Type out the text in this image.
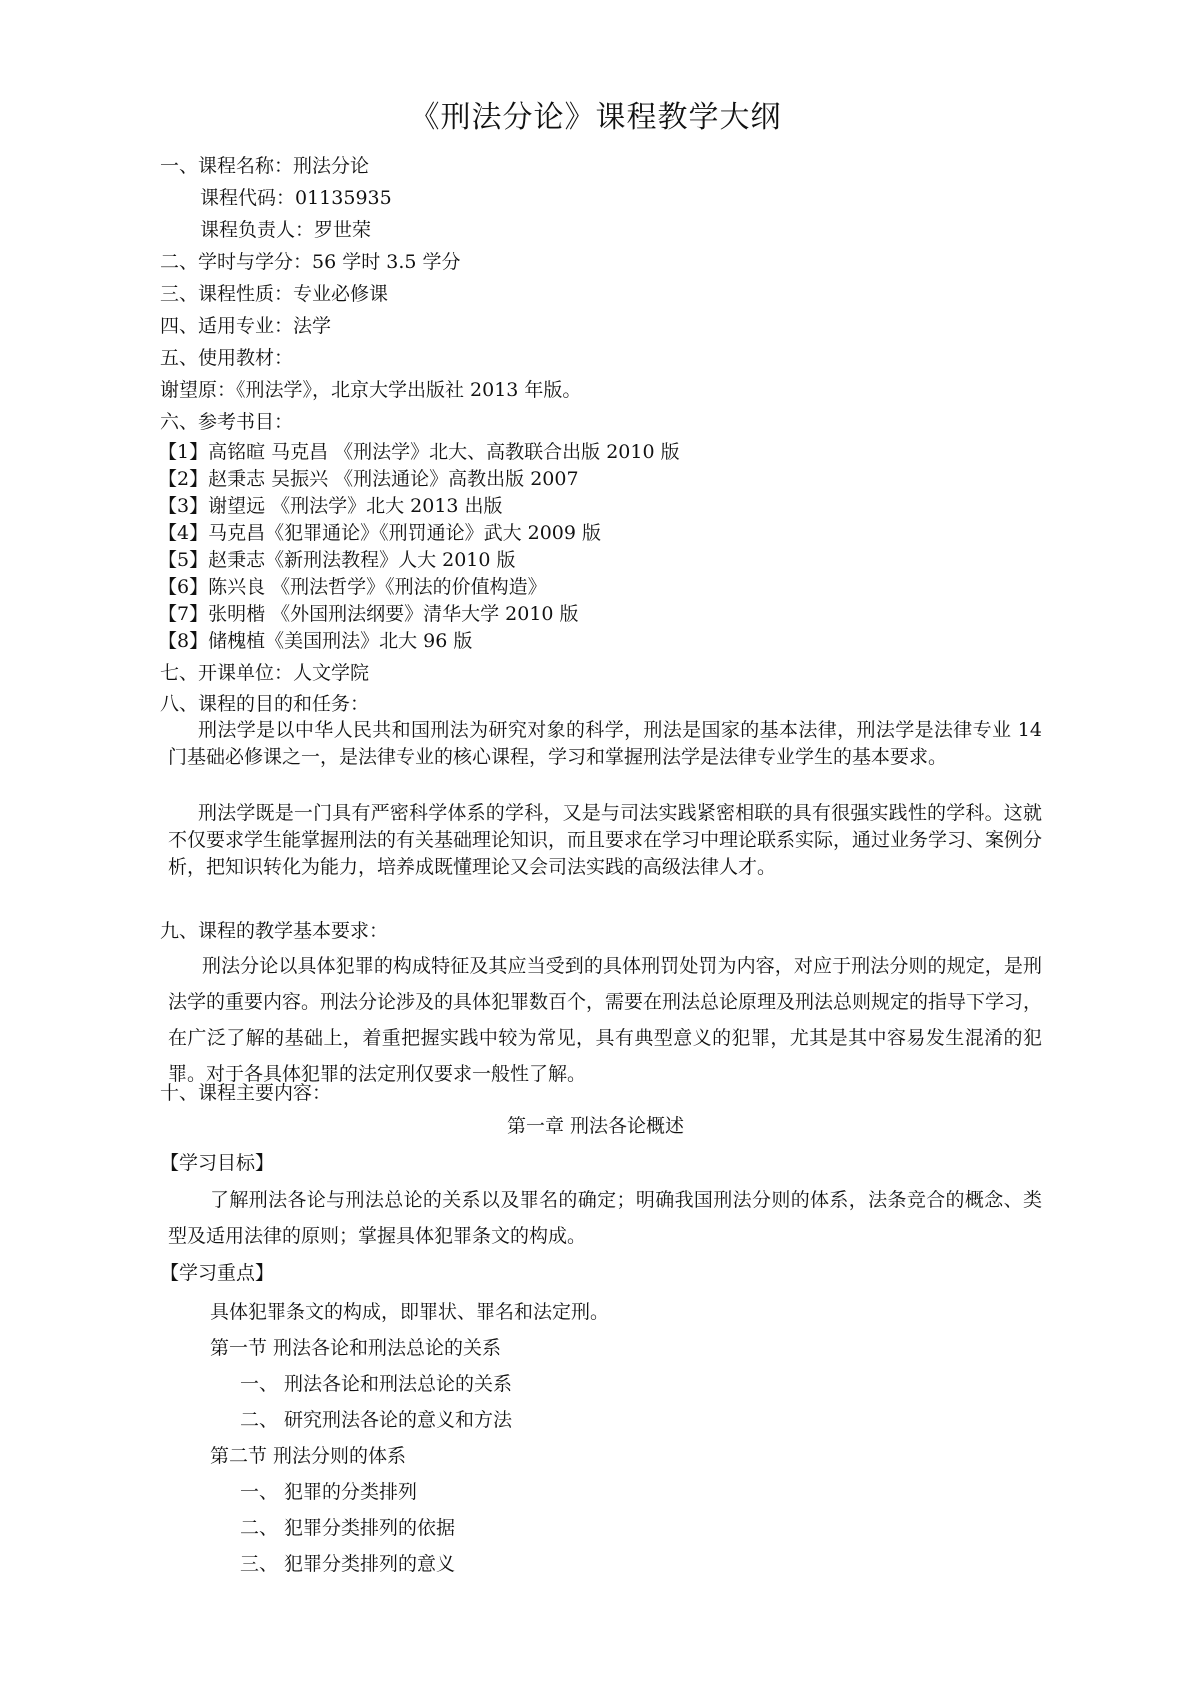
《刑法分论》课程教学大纲
一、课程名称：刑法分论
课程代码：01135935
课程负责人：罗世荣
二、学时与学分：56 学时 3.5 学分
三、课程性质：专业必修课
四、适用专业：法学
五、使用教材：
谢望原：《刑法学》，北京大学出版社 2013 年版。
六、参考书目：
【1】高铭暄 马克昌 《刑法学》北大、高教联合出版 2010 版
【2】赵秉志 吴振兴 《刑法通论》高教出版 2007
【3】谢望远 《刑法学》北大 2013 出版
【4】马克昌《犯罪通论》《刑罚通论》武大 2009 版
【5】赵秉志《新刑法教程》人大 2010 版
【6】陈兴良 《刑法哲学》《刑法的价值构造》
【7】张明楷 《外国刑法纲要》清华大学 2010 版
【8】储槐植《美国刑法》北大 96 版
七、开课单位：人文学院
八、课程的目的和任务：
刑法学是以中华人民共和国刑法为研究对象的科学，刑法是国家的基本法律，刑法学是法律专业 14 门基础必修课之一，是法律专业的核心课程，学习和掌握刑法学是法律专业学生的基本要求。
刑法学既是一门具有严密科学体系的学科，又是与司法实践紧密相联的具有很强实践性的学科。这就不仅要求学生能掌握刑法的有关基础理论知识，而且要求在学习中理论联系实际，通过业务学习、案例分析，把知识转化为能力，培养成既懂理论又会司法实践的高级法律人才。
九、课程的教学基本要求：
刑法分论以具体犯罪的构成特征及其应当受到的具体刑罚处罚为内容，对应于刑法分则的规定，是刑法学的重要内容。刑法分论涉及的具体犯罪数百个，需要在刑法总论原理及刑法总则规定的指导下学习，在广泛了解的基础上，着重把握实践中较为常见，具有典型意义的犯罪，尤其是其中容易发生混淆的犯罪。对于各具体犯罪的法定刑仅要求一般性了解。
十、课程主要内容：
第一章 刑法各论概述
【学习目标】
了解刑法各论与刑法总论的关系以及罪名的确定；明确我国刑法分则的体系，法条竞合的概念、类型及适用法律的原则；掌握具体犯罪条文的构成。
【学习重点】
具体犯罪条文的构成，即罪状、罪名和法定刑。
第一节 刑法各论和刑法总论的关系
一、 刑法各论和刑法总论的关系
二、 研究刑法各论的意义和方法
第二节 刑法分则的体系
一、 犯罪的分类排列
二、 犯罪分类排列的依据
三、 犯罪分类排列的意义
